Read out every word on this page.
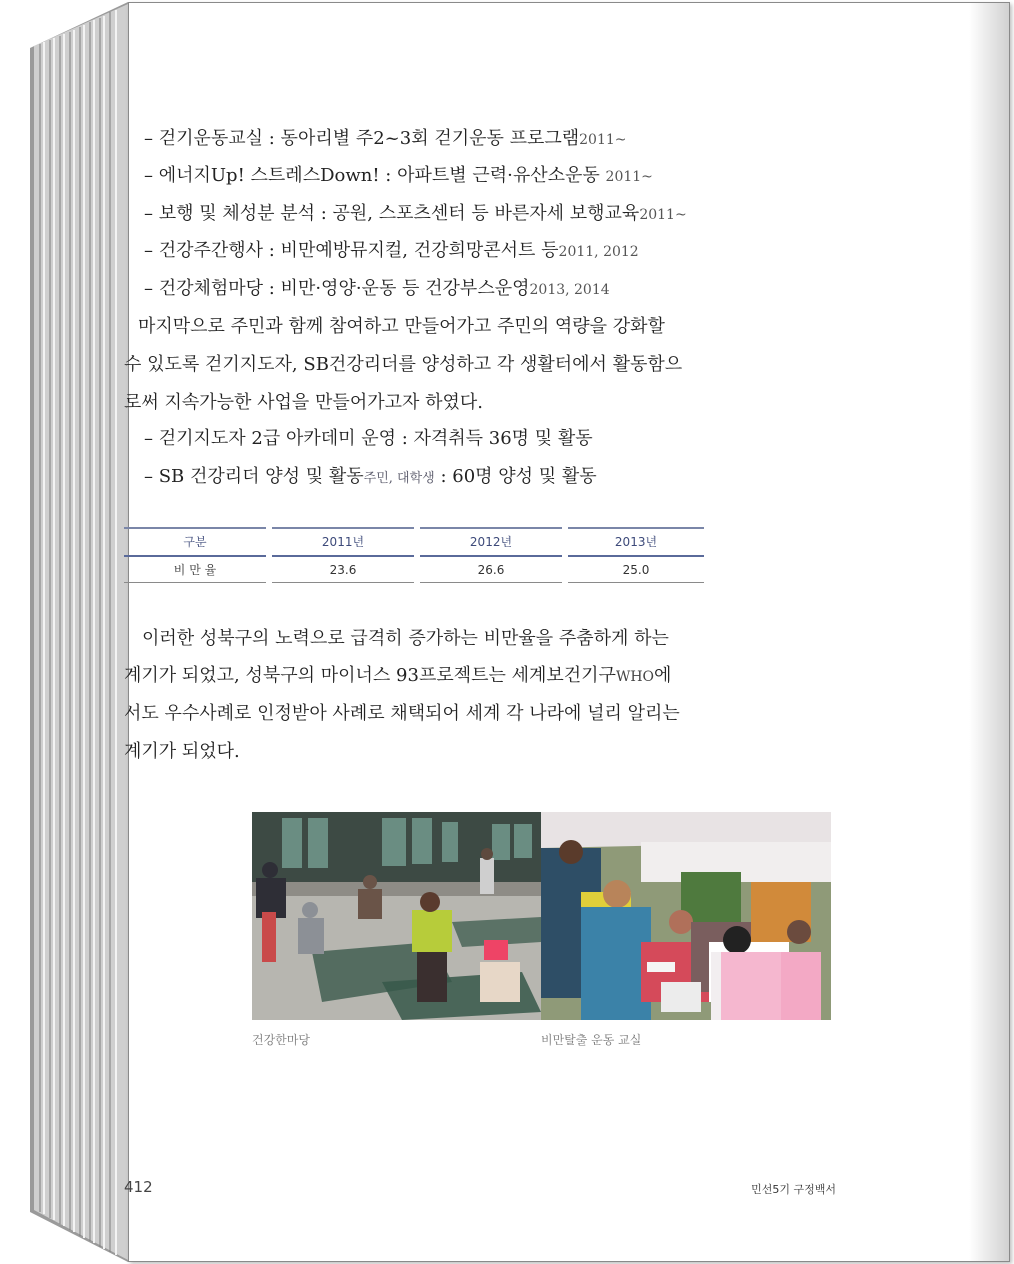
– 걷기운동교실 : 동아리별 주2~3회 걷기운동 프로그램2011~
– 에너지Up! 스트레스Down! : 아파트별 근력·유산소운동 2011~
– 보행 및 체성분 분석 : 공원, 스포츠센터 등 바른자세 보행교육2011~
– 건강주간행사 : 비만예방뮤지컬, 건강희망콘서트 등2011, 2012
– 건강체험마당 : 비만·영양·운동 등 건강부스운영2013, 2014
마지막으로 주민과 함께 참여하고 만들어가고 주민의 역량을 강화할
수 있도록 걷기지도자, SB건강리더를 양성하고 각 생활터에서 활동함으
로써 지속가능한 사업을 만들어가고자 하였다.
– 걷기지도자 2급 아카데미 운영 : 자격취득 36명 및 활동
– SB 건강리더 양성 및 활동주민, 대학생 : 60명 양성 및 활동
이러한 성북구의 노력으로 급격히 증가하는 비만율을 주춤하게 하는
계기가 되었고, 성북구의 마이너스 93프로젝트는 세계보건기구WHO에
서도 우수사례로 인정받아 사례로 채택되어 세계 각 나라에 널리 알리는
계기가 되었다.
구분	2011년	2012년	2013년
비 만 율	23.6	26.6	25.0
건강한마당	비만탈출 운동 교실
412	민선5기 구정백서
